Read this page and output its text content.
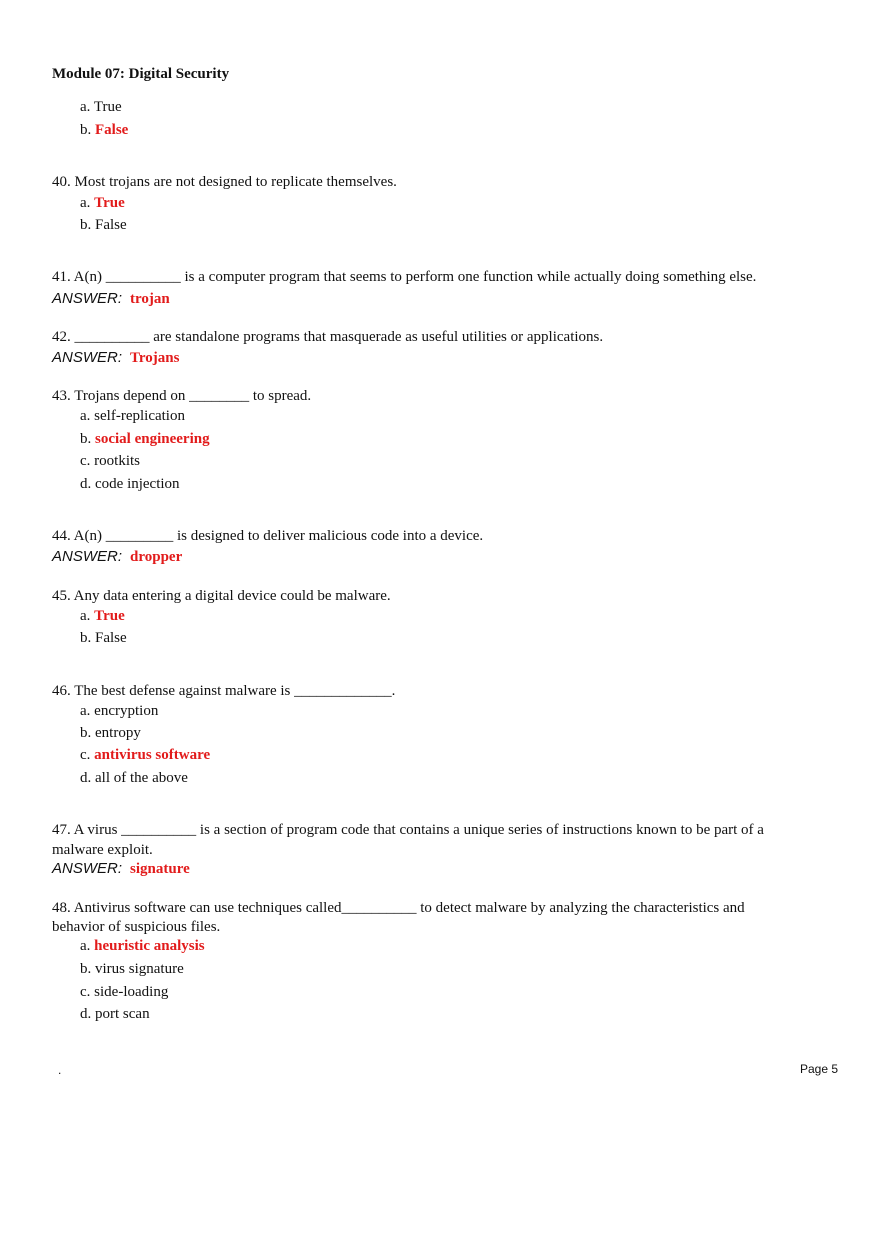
Module 07: Digital Security
a. True
b. False
40. Most trojans are not designed to replicate themselves.
a. True
b. False
41. A(n) __________ is a computer program that seems to perform one function while actually doing something else.
ANSWER: trojan
42. __________ are standalone programs that masquerade as useful utilities or applications.
ANSWER: Trojans
43. Trojans depend on ________ to spread.
a. self-replication
b. social engineering
c. rootkits
d. code injection
44. A(n) _________ is designed to deliver malicious code into a device.
ANSWER: dropper
45. Any data entering a digital device could be malware.
a. True
b. False
46. The best defense against malware is _____________.
a. encryption
b. entropy
c. antivirus software
d. all of the above
47. A virus __________ is a section of program code that contains a unique series of instructions known to be part of a
malware exploit.
ANSWER: signature
48. Antivirus software can use techniques called__________ to detect malware by analyzing the characteristics and
behavior of suspicious files.
a. heuristic analysis
b. virus signature
c. side-loading
d. port scan
.	Page 5
